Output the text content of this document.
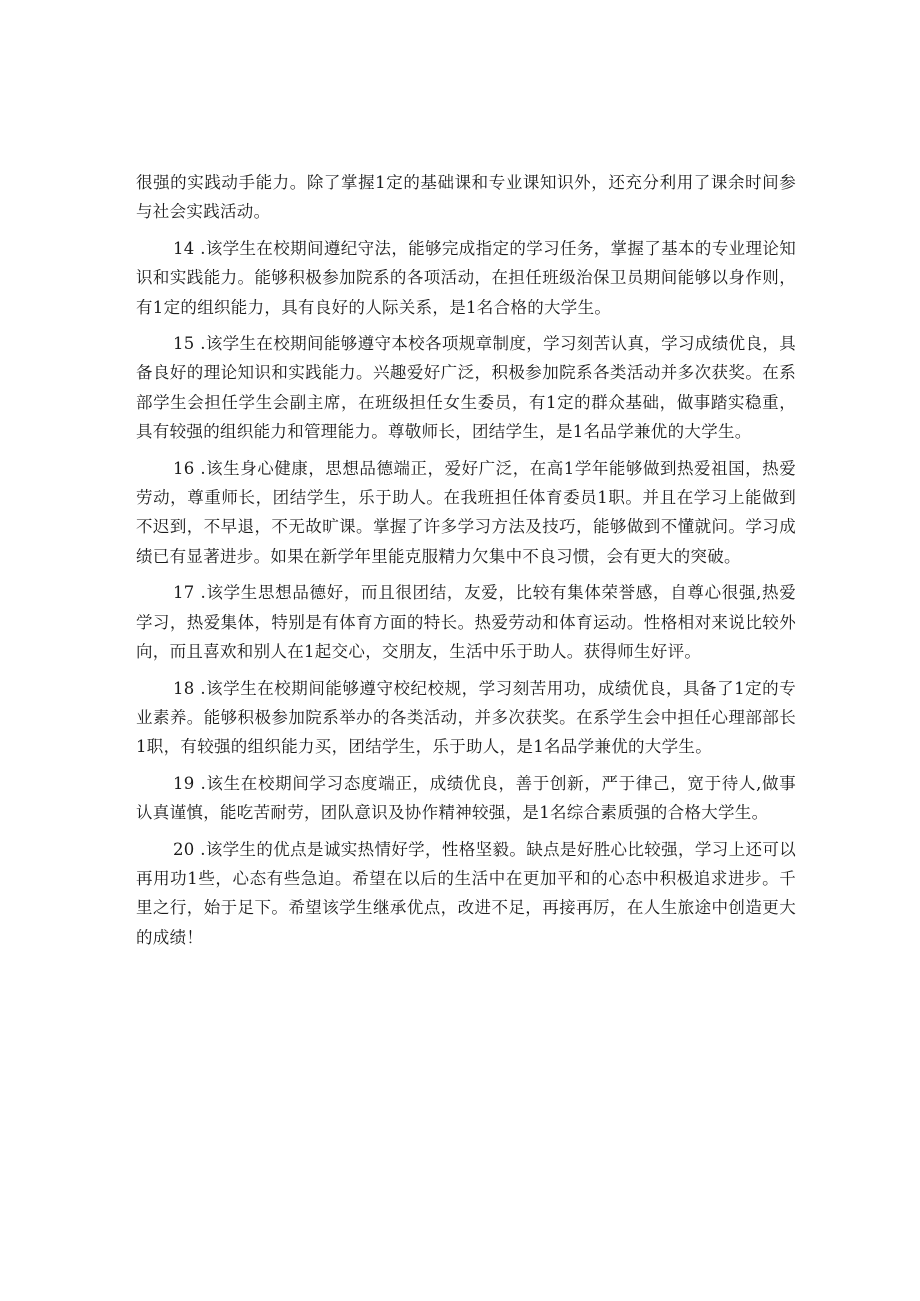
很强的实践动手能力。除了掌握1定的基础课和专业课知识外，还充分利用了课余时间参与社会实践活动。

14 .该学生在校期间遵纪守法，能够完成指定的学习任务，掌握了基本的专业理论知识和实践能力。能够积极参加院系的各项活动，在担任班级治保卫员期间能够以身作则，有1定的组织能力，具有良好的人际关系，是1名合格的大学生。

15 .该学生在校期间能够遵守本校各项规章制度，学习刻苦认真，学习成绩优良，具备良好的理论知识和实践能力。兴趣爱好广泛，积极参加院系各类活动并多次获奖。在系部学生会担任学生会副主席，在班级担任女生委员，有1定的群众基础，做事踏实稳重，具有较强的组织能力和管理能力。尊敬师长，团结学生，是1名品学兼优的大学生。

16 .该生身心健康，思想品德端正，爱好广泛，在高1学年能够做到热爱祖国，热爱劳动，尊重师长，团结学生，乐于助人。在我班担任体育委员1职。并且在学习上能做到不迟到，不早退，不无故旷课。掌握了许多学习方法及技巧，能够做到不懂就问。学习成绩已有显著进步。如果在新学年里能克服精力欠集中不良习惯，会有更大的突破。

17 .该学生思想品德好，而且很团结，友爱，比较有集体荣誉感，自尊心很强,热爱学习，热爱集体，特别是有体育方面的特长。热爱劳动和体育运动。性格相对来说比较外向，而且喜欢和别人在1起交心，交朋友，生活中乐于助人。获得师生好评。

18 .该学生在校期间能够遵守校纪校规，学习刻苦用功，成绩优良，具备了1定的专业素养。能够积极参加院系举办的各类活动，并多次获奖。在系学生会中担任心理部部长1职，有较强的组织能力买，团结学生，乐于助人，是1名品学兼优的大学生。

19 .该生在校期间学习态度端正，成绩优良，善于创新，严于律己，宽于待人,做事认真谨慎，能吃苦耐劳，团队意识及协作精神较强，是1名综合素质强的合格大学生。

20 .该学生的优点是诚实热情好学，性格坚毅。缺点是好胜心比较强，学习上还可以再用功1些，心态有些急迫。希望在以后的生活中在更加平和的心态中积极追求进步。千里之行，始于足下。希望该学生继承优点，改进不足，再接再厉，在人生旅途中创造更大的成绩！
